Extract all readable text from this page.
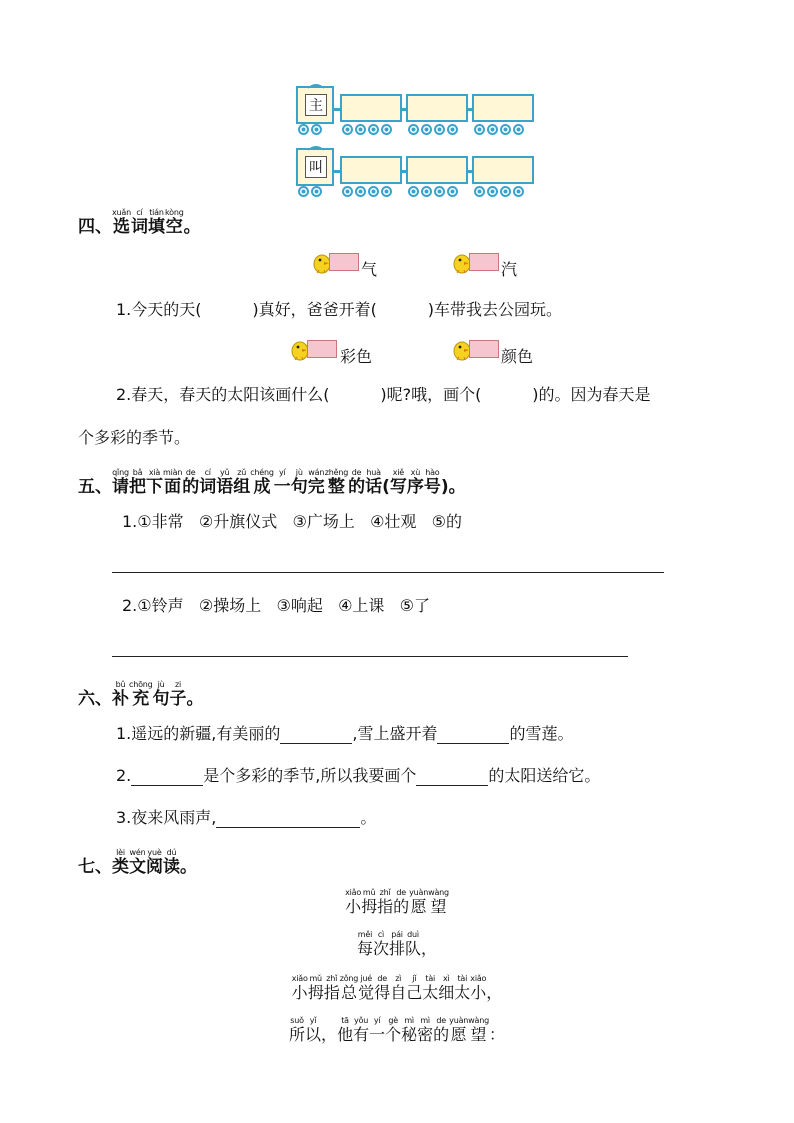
主
叫
四、
xuǎn
选
cí
词
tián
填
kòng
空 。
气	汽
1.今天的天(          )真好，爸爸开着(          )车带我去公园玩。
彩色	颜色
2.春天，春天的太阳该画什么(          )呢?哦，画个(          )的。因为春天是
个多彩的季节。
五、
qǐng
请
bǎ
把
xià
下
miàn
面
de
的
cí
词
yǔ
语
zǔ
组
chéng
成
yí
一
jù
句
wán
完
zhěng
整
de
的
huà
话
(
xiě
写
xù
序
hào
号
) 。
1.①非常   ②升旗仪式   ③广场上   ④壮观   ⑤的
2.①铃声   ②操场上   ③响起   ④上课   ⑤了
六、
bǔ
补
chōng
充
jù
句
zi
子 。
1.遥远的新疆,有美丽的	,雪上盛开着	的雪莲。
2.	是个多彩的季节,所以我要画个	的太阳送给它。
3.夜来风雨声,	。
七、
lèi
类
wén
文
yuè
阅
dú
读 。
xiǎo
小
mǔ
拇
zhǐ
指
de
的
yuàn
愿
wàng
望
měi
每
cì
次
pái
排
duì
队
，
xiǎo
小
mǔ
拇
zhǐ
指
zǒng
总
jué
觉
de
得
zì
自
jǐ
己
tài
太
xì
细
tài
太
xiǎo
小
，
suǒ
所
yǐ
以
，
tā
他
yǒu
有
yí
一
gè
个
mì
秘
mì
密
de
的
yuàn
愿
wàng
望
：
